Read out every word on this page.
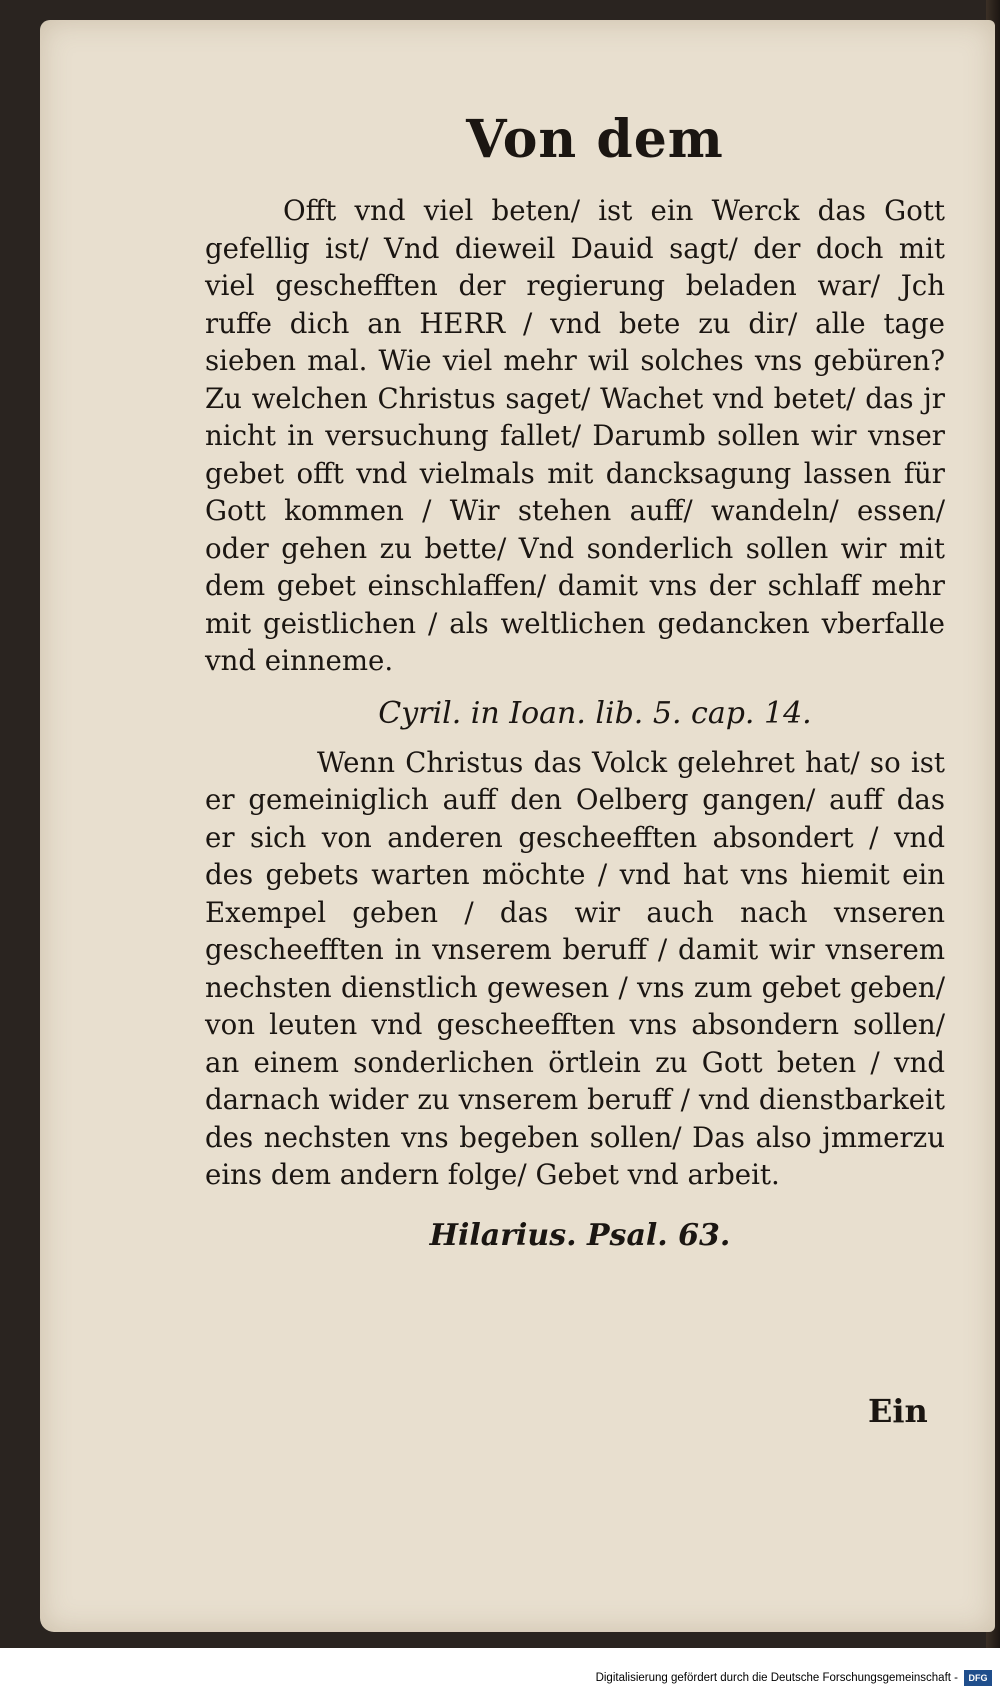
Von dem

Offt vnd viel beten/ ist ein Werck das Gott gefellig ist/ Vnd dieweil Dauid sagt/ der doch mit viel geschefften der regierung beladen war/ Jch ruffe dich an HERR / vnd bete zu dir/ alle tage sieben mal. Wie viel mehr wil solches vns gebüren? Zu welchen Christus saget/ Wachet vnd betet/ das jr nicht in versuchung fallet/ Darumb sollen wir vnser gebet offt vnd vielmals mit dancksagung lassen für Gott kommen / Wir stehen auff/ wandeln/ essen/ oder gehen zu bette/ Vnd sonderlich sollen wir mit dem gebet einschlaffen/ damit vns der schlaff mehr mit geistlichen / als weltlichen gedancken vberfalle vnd einneme.

Cyril. in Ioan. lib. 5. cap. 14.

Wenn Christus das Volck gelehret hat/ so ist er gemeiniglich auff den Oelberg gangen/ auff das er sich von anderen gescheefften absondert / vnd des gebets warten möchte / vnd hat vns hiemit ein Exempel geben / das wir auch nach vnseren gescheefften in vnserem beruff / damit wir vnserem nechsten dienstlich gewesen / vns zum gebet geben/ von leuten vnd gescheefften vns absondern sollen/ an einem sonderlichen örtlein zu Gott beten / vnd darnach wider zu vnserem beruff / vnd dienstbarkeit des nechsten vns begeben sollen/ Das also jmmerzu eins dem andern folge/ Gebet vnd arbeit.

Hilarius. Psal. 63.
Ein
Digitalisierung gefördert durch die Deutsche Forschungsgemeinschaft -	DFG
